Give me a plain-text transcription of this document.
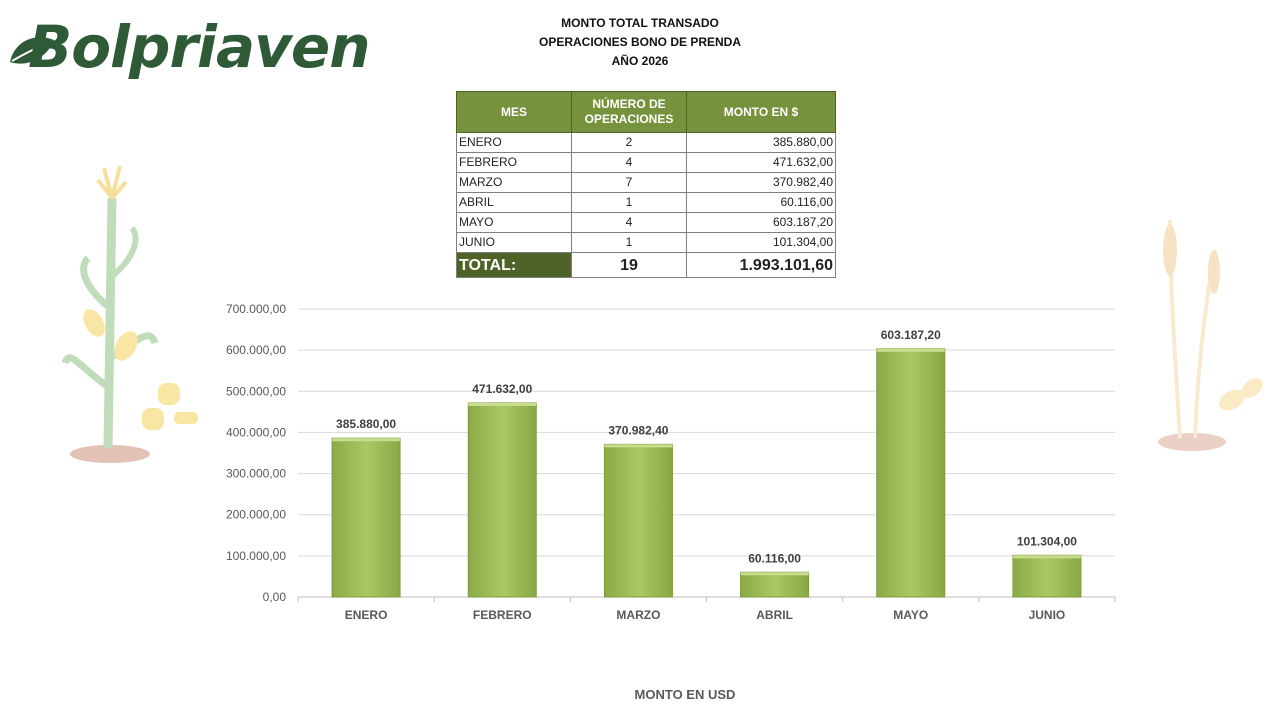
Bolpriaven	MONTO TOTAL TRANSADO
OPERACIONES BONO DE PRENDA
AÑO 2026
MES	NÚMERO DE OPERACIONES	MONTO EN $
ENERO	2	385.880,00
FEBRERO	4	471.632,00
MARZO	7	370.982,40
ABRIL	1	60.116,00
MAYO	4	603.187,20
JUNIO	1	101.304,00
TOTAL:	19	1.993.101,60
0,00
100.000,00
200.000,00
300.000,00
400.000,00
500.000,00
600.000,00
700.000,00
385.880,00
ENERO
471.632,00
FEBRERO
370.982,40
MARZO
60.116,00
ABRIL
603.187,20
MAYO
101.304,00
JUNIO
MONTO EN USD
